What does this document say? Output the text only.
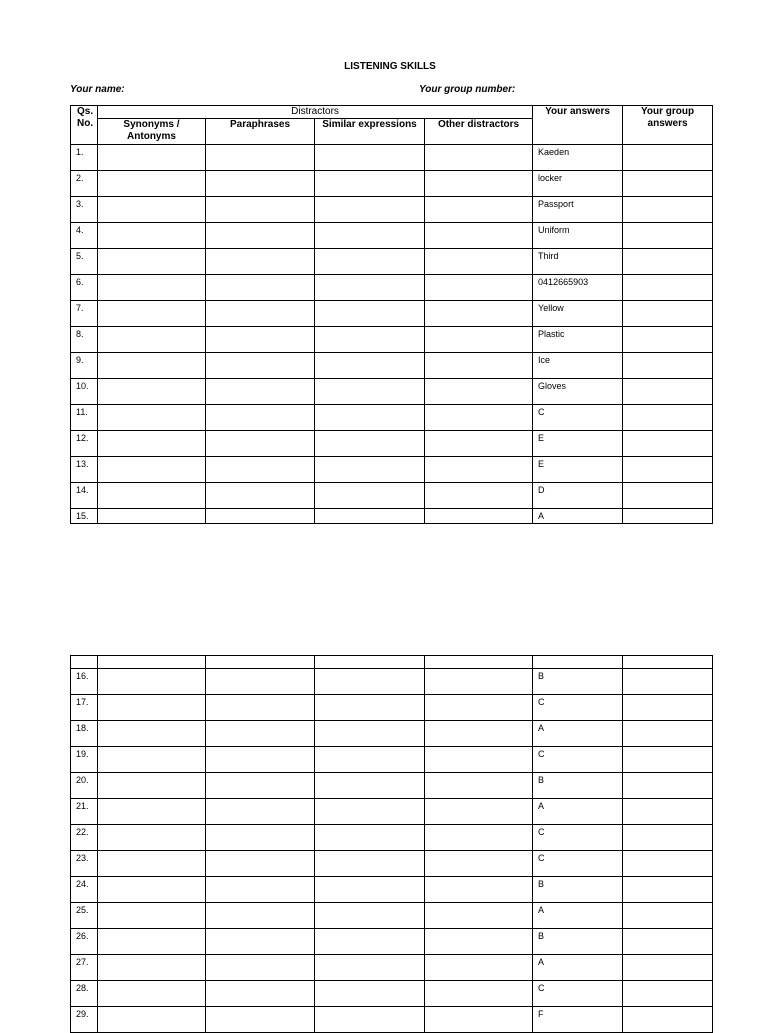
LISTENING SKILLS
Your name:	Your group number:
Qs.
No.	Distractors				Your answers	Your group
answers
	Synonyms /
Antonyms	Paraphrases	Similar expressions	Other distractors		
1.					Kaeden	
2.					locker	
3.					Passport	
4.					Uniform	
5.					Third	
6.					0412665903	
7.					Yellow	
8.					Plastic	
9.					Ice	
10.					Gloves	
11.					C	
12.					E	
13.					E	
14.					D	
15.					A	

16.					B	
17.					C	
18.					A	
19.					C	
20.					B	
21.					A	
22.					C	
23.					C	
24.					B	
25.					A	
26.					B	
27.					A	
28.					C	
29.					F	
